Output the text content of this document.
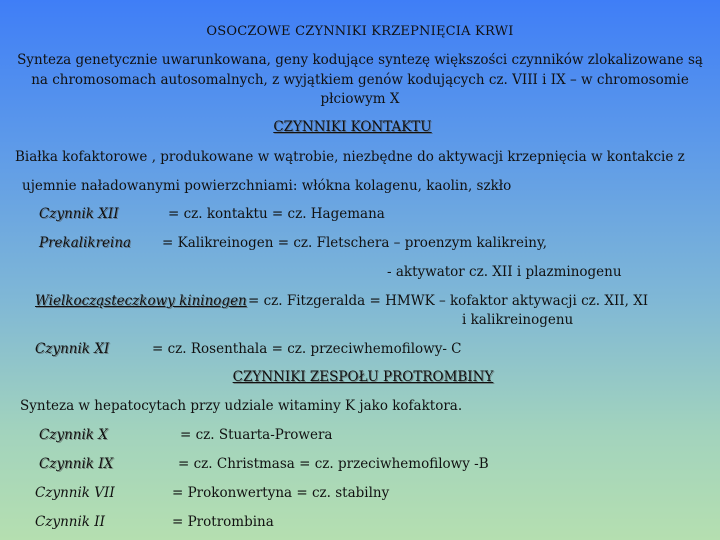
OSOCZOWE CZYNNIKI KRZEPNIĘCIA KRWI
Synteza genetycznie uwarunkowana, geny kodujące syntezę większości czynników zlokalizowane są
na chromosomach autosomalnych, z wyjątkiem genów kodujących cz. VIII i IX – w chromosomie
płciowym X
CZYNNIKI KONTAKTU
Białka kofaktorowe , produkowane w wątrobie, niezbędne do aktywacji krzepnięcia w kontakcie z
ujemnie naładowanymi powierzchniami: włókna kolagenu, kaolin, szkło
Czynnik XII	= cz. kontaktu = cz. Hagemana
Prekalikreina = Kalikreinogen = cz. Fletschera – proenzym kalikreiny,
- aktywator cz. XII i plazminogenu
Wielkocząsteczkowy kininogen = cz. Fitzgeralda = HMWK – kofaktor aktywacji cz. XII, XI
i kalikreinogenu
Czynnik XI	= cz. Rosenthala = cz. przeciwhemofilowy- C
CZYNNIKI ZESPOŁU PROTROMBINY
Synteza w hepatocytach przy udziale witaminy K jako kofaktora.
Czynnik X	= cz. Stuarta-Prowera
Czynnik IX	= cz. Christmasa = cz. przeciwhemofilowy -B
Czynnik VII	= Prokonwertyna = cz. stabilny
Czynnik II	= Protrombina
